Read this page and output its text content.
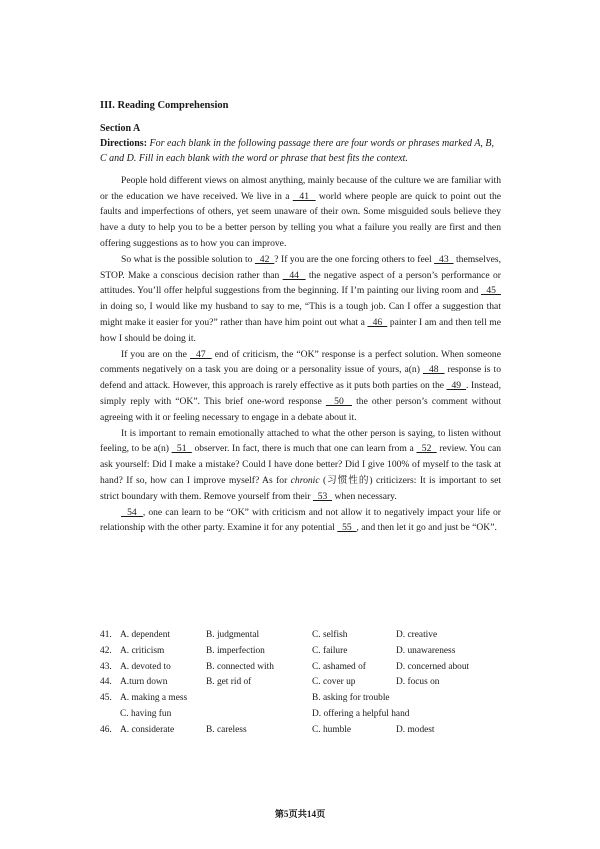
III. Reading Comprehension
Section A
Directions: For each blank in the following passage there are four words or phrases marked A, B, C and D. Fill in each blank with the word or phrase that best fits the context.

People hold different views on almost anything, mainly because of the culture we are familiar with or the education we have received. We live in a   41   world where people are quick to point out the faults and imperfections of others, yet seem unaware of their own. Some misguided souls believe they have a duty to help you to be a better person by telling you what a failure you really are first and then offering suggestions as to how you can improve.

So what is the possible solution to   42  ? If you are the one forcing others to feel   43   themselves, STOP. Make a conscious decision rather than   44   the negative aspect of a person’s performance or attitudes. You’ll offer helpful suggestions from the beginning. If I’m painting our living room and   45   in doing so, I would like my husband to say to me, “This is a tough job. Can I offer a suggestion that might make it easier for you?” rather than have him point out what a   46   painter I am and then tell me how I should be doing it.

If you are on the   47   end of criticism, the “OK” response is a perfect solution. When someone comments negatively on a task you are doing or a personality issue of yours, a(n)   48   response is to defend and attack. However, this approach is rarely effective as it puts both parties on the   49  . Instead, simply reply with “OK”. This brief one-word response   50   the other person’s comment without agreeing with it or feeling necessary to engage in a debate about it.

It is important to remain emotionally attached to what the other person is saying, to listen without feeling, to be a(n)   51   observer. In fact, there is much that one can learn from a   52   review. You can ask yourself: Did I make a mistake? Could I have done better? Did I give 100% of myself to the task at hand? If so, how can I improve myself? As for chronic (习惯性的) criticizers: It is important to set strict boundary with them. Remove yourself from their   53   when necessary.

54  , one can learn to be “OK” with criticism and not allow it to negatively impact your life or relationship with the other party. Examine it for any potential   55  , and then let it go and just be “OK”.

41. A. dependent	B. judgmental	C. selfish	D. creative
42. A. criticism	B. imperfection	C. failure	D. unawareness
43. A. devoted to	B. connected with	C. ashamed of	D. concerned about
44. A.turn down	B. get rid of	C. cover up	D. focus on
45. A. making a mess	B. asking for trouble
C. having fun	D. offering a helpful hand
46. A. considerate	B. careless	C. humble	D. modest
第5页共14页
